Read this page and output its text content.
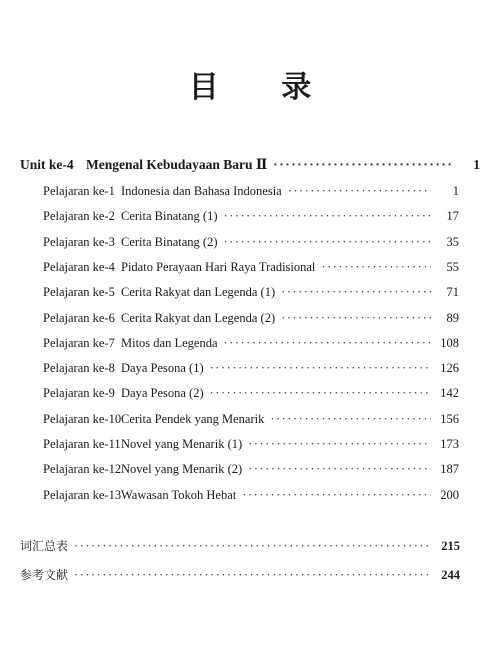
目 录
Unit ke-4 Mengenal Kebudayaan Baru Ⅱ ·····	1
Pelajaran ke-1 Indonesia dan Bahasa Indonesia ·····	1
Pelajaran ke-2 Cerita Binatang (1) ·····	17
Pelajaran ke-3 Cerita Binatang (2) ·····	35
Pelajaran ke-4 Pidato Perayaan Hari Raya Tradisional ·····	55
Pelajaran ke-5 Cerita Rakyat dan Legenda (1) ·····	71
Pelajaran ke-6 Cerita Rakyat dan Legenda (2) ·····	89
Pelajaran ke-7 Mitos dan Legenda ·····	108
Pelajaran ke-8 Daya Pesona (1) ·····	126
Pelajaran ke-9 Daya Pesona (2) ·····	142
Pelajaran ke-10 Cerita Pendek yang Menarik ·····	156
Pelajaran ke-11 Novel yang Menarik (1) ·····	173
Pelajaran ke-12 Novel yang Menarik (2) ·····	187
Pelajaran ke-13 Wawasan Tokoh Hebat ·····	200
词汇总表 ·····	215
参考文献 ·····	244
